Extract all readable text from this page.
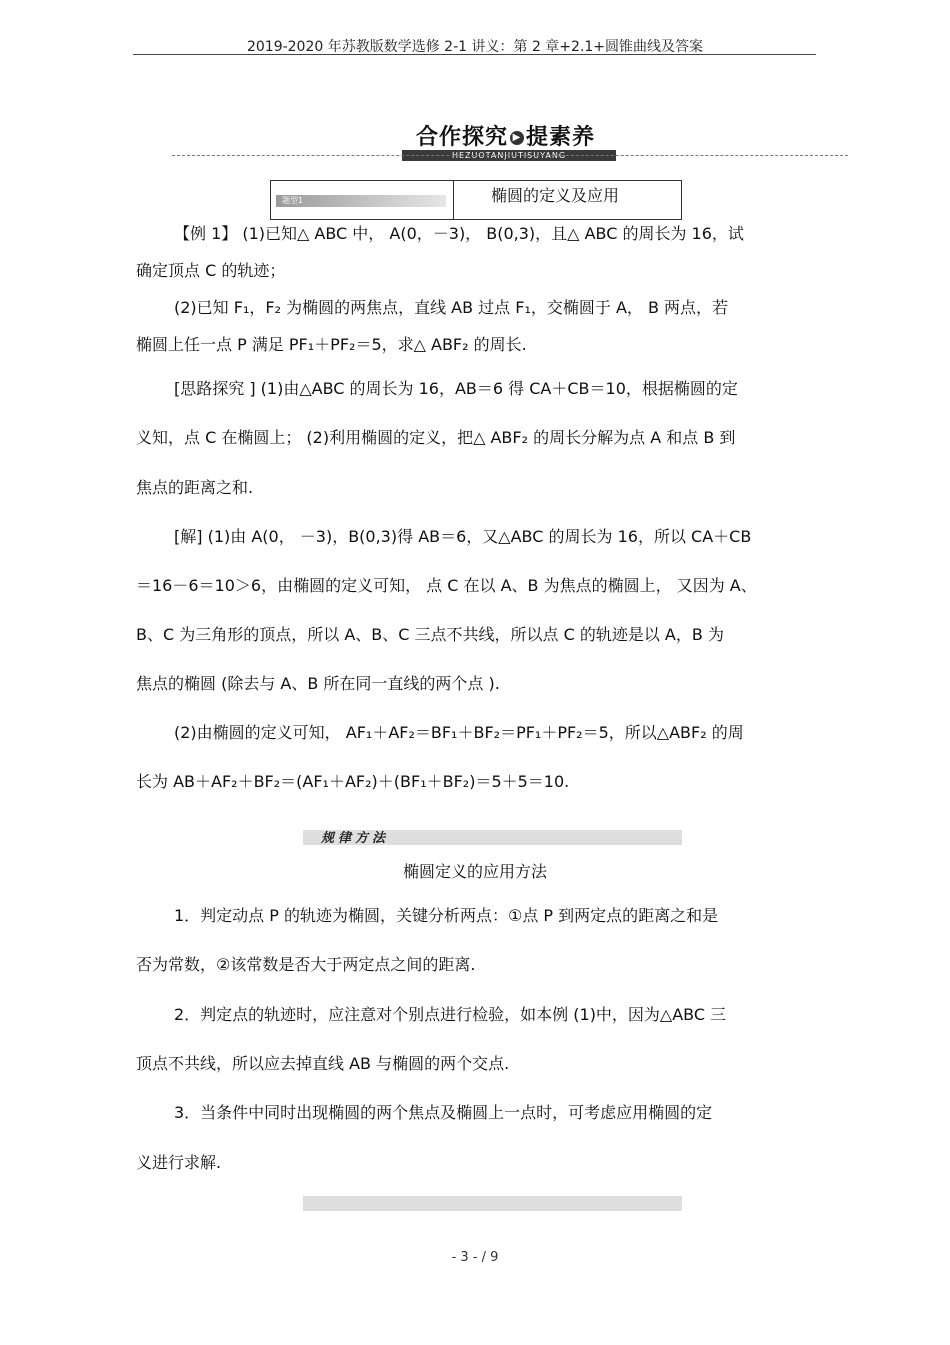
2019-2020 年苏教版数学选修 2-1 讲义：第 2 章+2.1+圆锥曲线及答案
合作探究 ▶ 提素养
HEZUOTANJIUTISUYANG
题型1	椭圆的定义及应用
【例 1】 (1)已知△ ABC 中， A(0，－3)， B(0,3)，且△ ABC 的周长为 16，试
确定顶点 C 的轨迹；
(2)已知 F₁，F₂ 为椭圆的两焦点，直线 AB 过点 F₁，交椭圆于 A， B 两点，若
椭圆上任一点 P 满足 PF₁＋PF₂＝5，求△ ABF₂ 的周长.
[思路探究 ] (1)由△ABC 的周长为 16，AB＝6 得 CA＋CB＝10，根据椭圆的定
义知，点 C 在椭圆上； (2)利用椭圆的定义，把△ ABF₂ 的周长分解为点 A 和点 B 到
焦点的距离之和.
[解] (1)由 A(0， －3)，B(0,3)得 AB＝6，又△ABC 的周长为 16，所以 CA＋CB
＝16－6＝10＞6，由椭圆的定义可知， 点 C 在以 A、B 为焦点的椭圆上， 又因为 A、
B、C 为三角形的顶点，所以 A、B、C 三点不共线，所以点 C 的轨迹是以 A，B 为
焦点的椭圆 (除去与 A、B 所在同一直线的两个点 ).
(2)由椭圆的定义可知， AF₁＋AF₂＝BF₁＋BF₂＝PF₁＋PF₂＝5，所以△ABF₂ 的周
长为 AB＋AF₂＋BF₂＝(AF₁＋AF₂)＋(BF₁＋BF₂)＝5＋5＝10.
规律方法
椭圆定义的应用方法
1．判定动点 P 的轨迹为椭圆，关键分析两点：①点 P 到两定点的距离之和是
否为常数，②该常数是否大于两定点之间的距离.
2．判定点的轨迹时，应注意对个别点进行检验，如本例 (1)中，因为△ABC 三
顶点不共线，所以应去掉直线 AB 与椭圆的两个交点.
3．当条件中同时出现椭圆的两个焦点及椭圆上一点时，可考虑应用椭圆的定
义进行求解.
- 3 - / 9
